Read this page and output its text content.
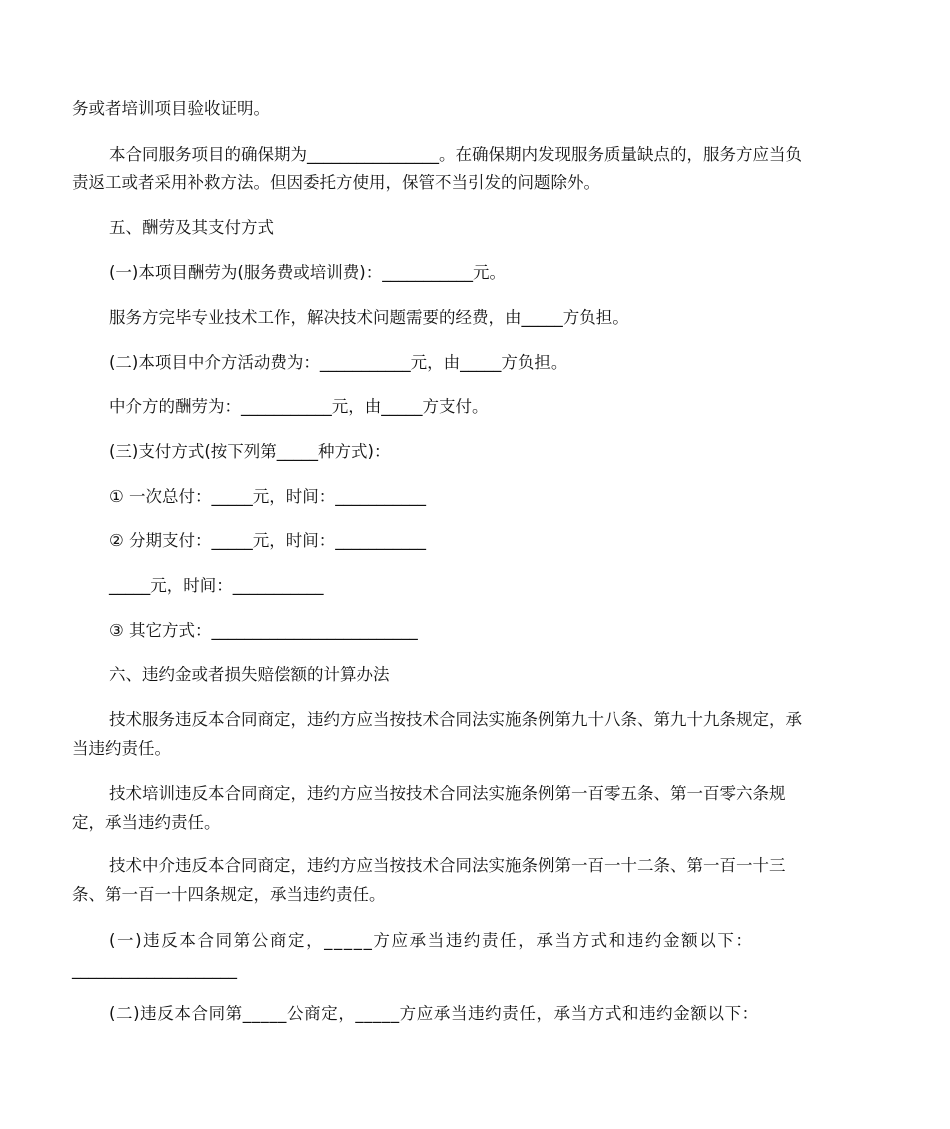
务或者培训项目验收证明。
本合同服务项目的确保期为________________。在确保期内发现服务质量缺点的，服务方应当负
责返工或者采用补救方法。但因委托方使用，保管不当引发的问题除外。
五、酬劳及其支付方式
(一)本项目酬劳为(服务费或培训费)：___________元。
服务方完毕专业技术工作，解决技术问题需要的经费，由_____方负担。
(二)本项目中介方活动费为：___________元，由_____方负担。
中介方的酬劳为：___________元，由_____方支付。
(三)支付方式(按下列第_____种方式)：
① 一次总付：_____元，时间：___________
② 分期支付：_____元，时间：___________
_____元，时间：___________
③ 其它方式：_________________________
六、违约金或者损失赔偿额的计算办法
技术服务违反本合同商定，违约方应当按技术合同法实施条例第九十八条、第九十九条规定，承
当违约责任。
技术培训违反本合同商定，违约方应当按技术合同法实施条例第一百零五条、第一百零六条规
定，承当违约责任。
技术中介违反本合同商定，违约方应当按技术合同法实施条例第一百一十二条、第一百一十三
条、第一百一十四条规定，承当违约责任。
(一)违反本合同第公商定，_____方应承当违约责任，承当方式和违约金额以下：
____________________
(二)违反本合同第_____公商定，_____方应承当违约责任，承当方式和违约金额以下：
